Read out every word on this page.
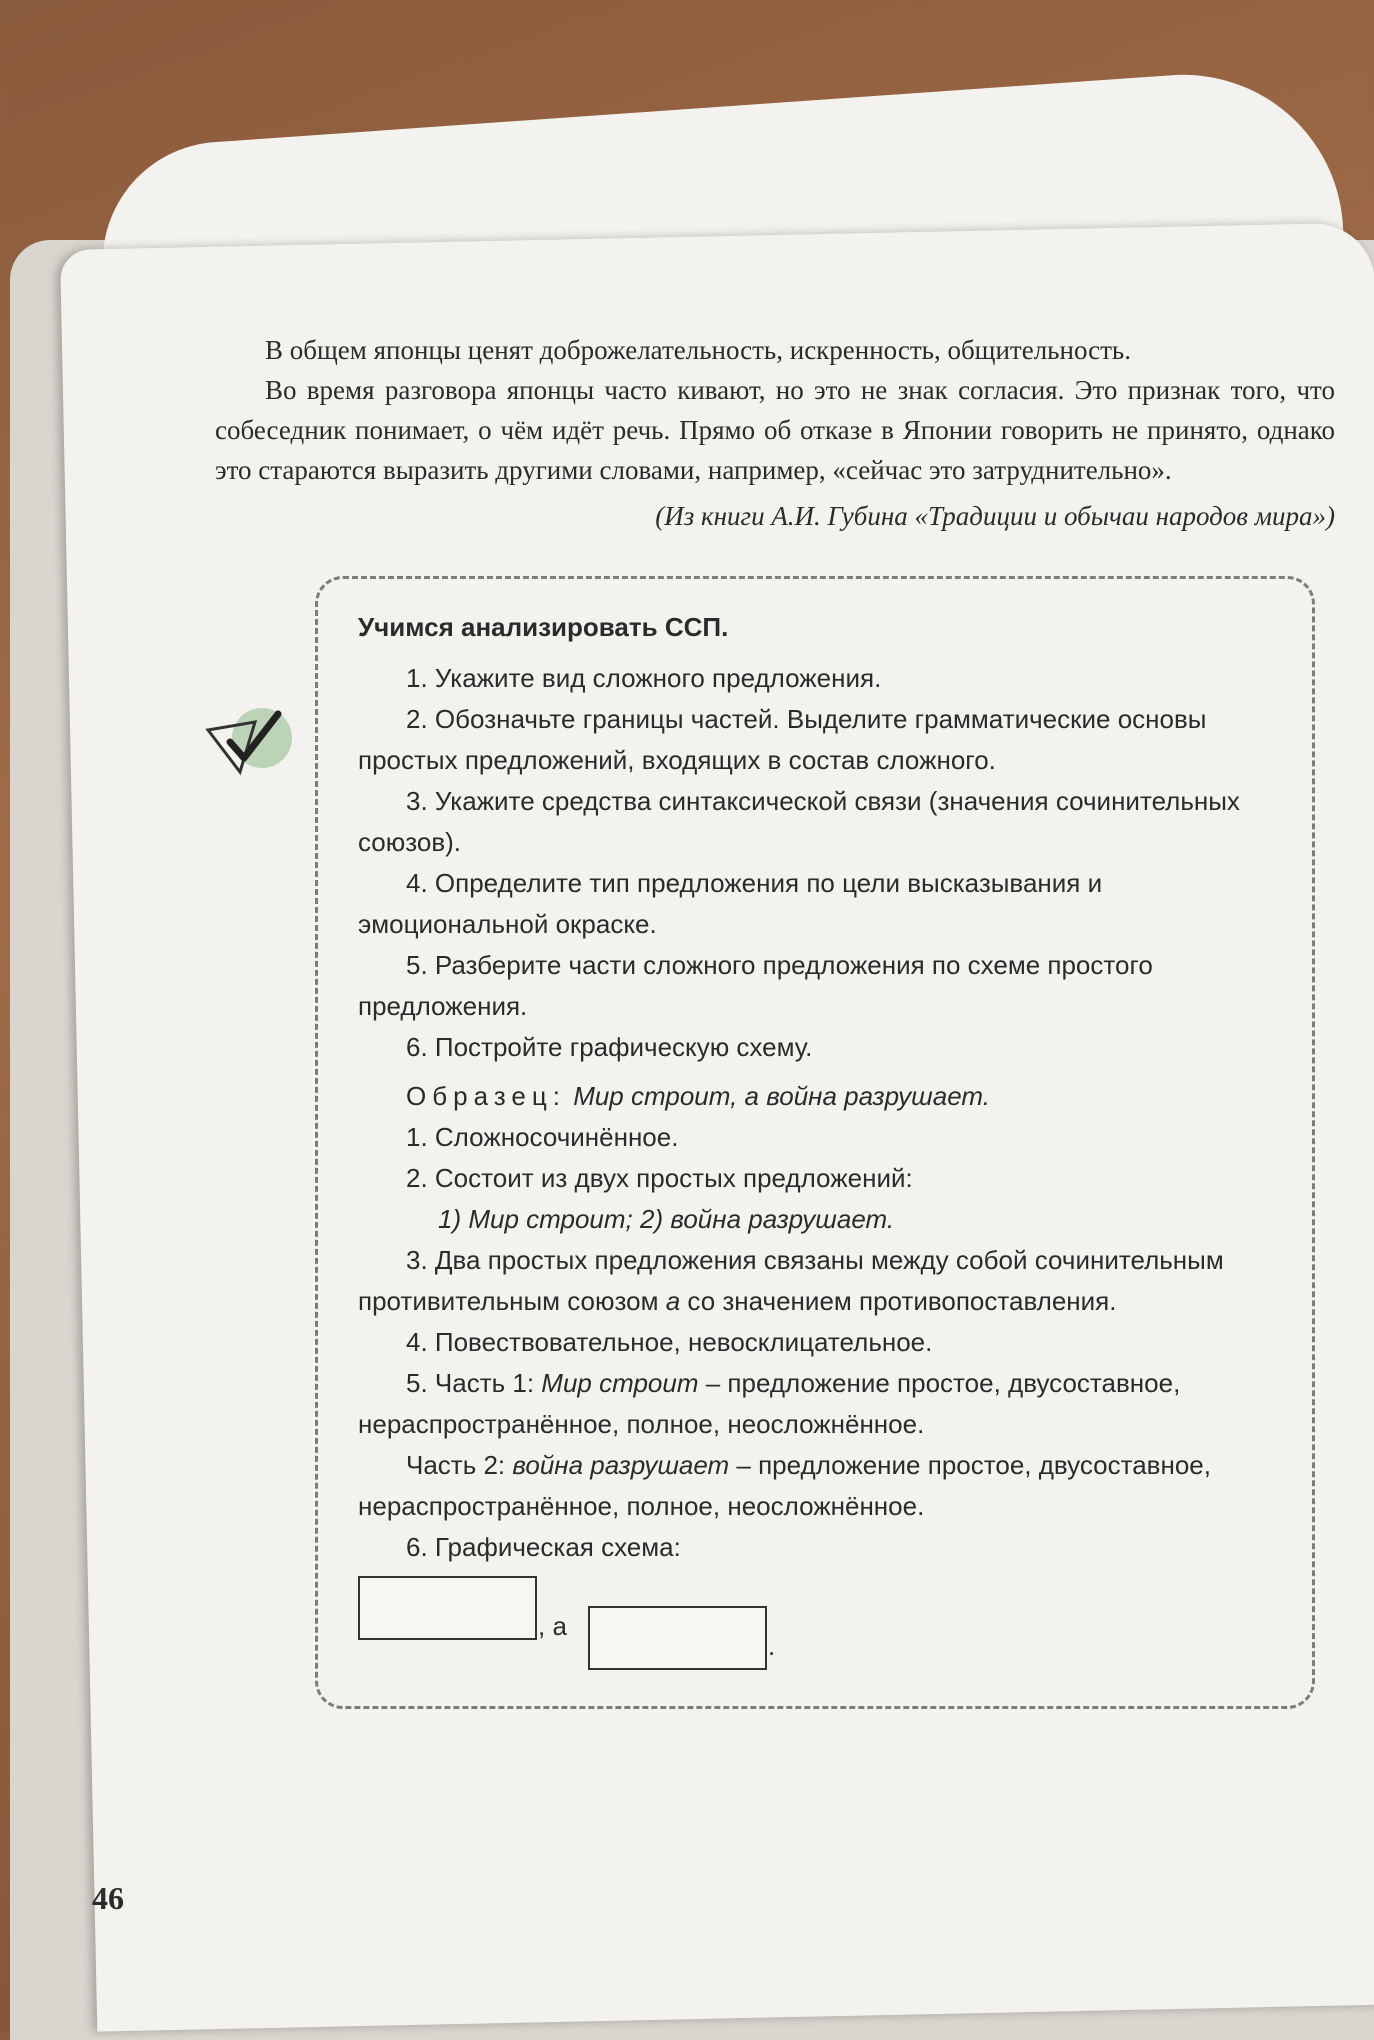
В общем японцы ценят доброжелательность, искренность, общительность.

Во время разговора японцы часто кивают, но это не знак согласия. Это признак того, что собеседник понимает, о чём идёт речь. Прямо об отказе в Японии говорить не принято, однако это стараются выразить другими словами, например, «сейчас это затруднительно».

(Из книги А.И. Губина «Традиции и обычаи народов мира»)
Учимся анализировать ССП.
1. Укажите вид сложного предложения.
2. Обозначьте границы частей. Выделите грамматические основы простых предложений, входящих в состав сложного.
3. Укажите средства синтаксической связи (значения сочинительных союзов).
4. Определите тип предложения по цели высказывания и эмоциональной окраске.
5. Разберите части сложного предложения по схеме простого предложения.
6. Постройте графическую схему.
Образец: Мир строит, а война разрушает.
1. Сложносочинённое.
2. Состоит из двух простых предложений:
1) Мир строит; 2) война разрушает.
3. Два простых предложения связаны между собой сочинительным противительным союзом а со значением противопоставления.
4. Повествовательное, невосклицательное.
5. Часть 1: Мир строит – предложение простое, двусоставное, нераспространённое, полное, неосложнённое.
Часть 2: война разрушает – предложение простое, двусоставное, нераспространённое, полное, неосложнённое.
6. Графическая схема:
, а
.
46
